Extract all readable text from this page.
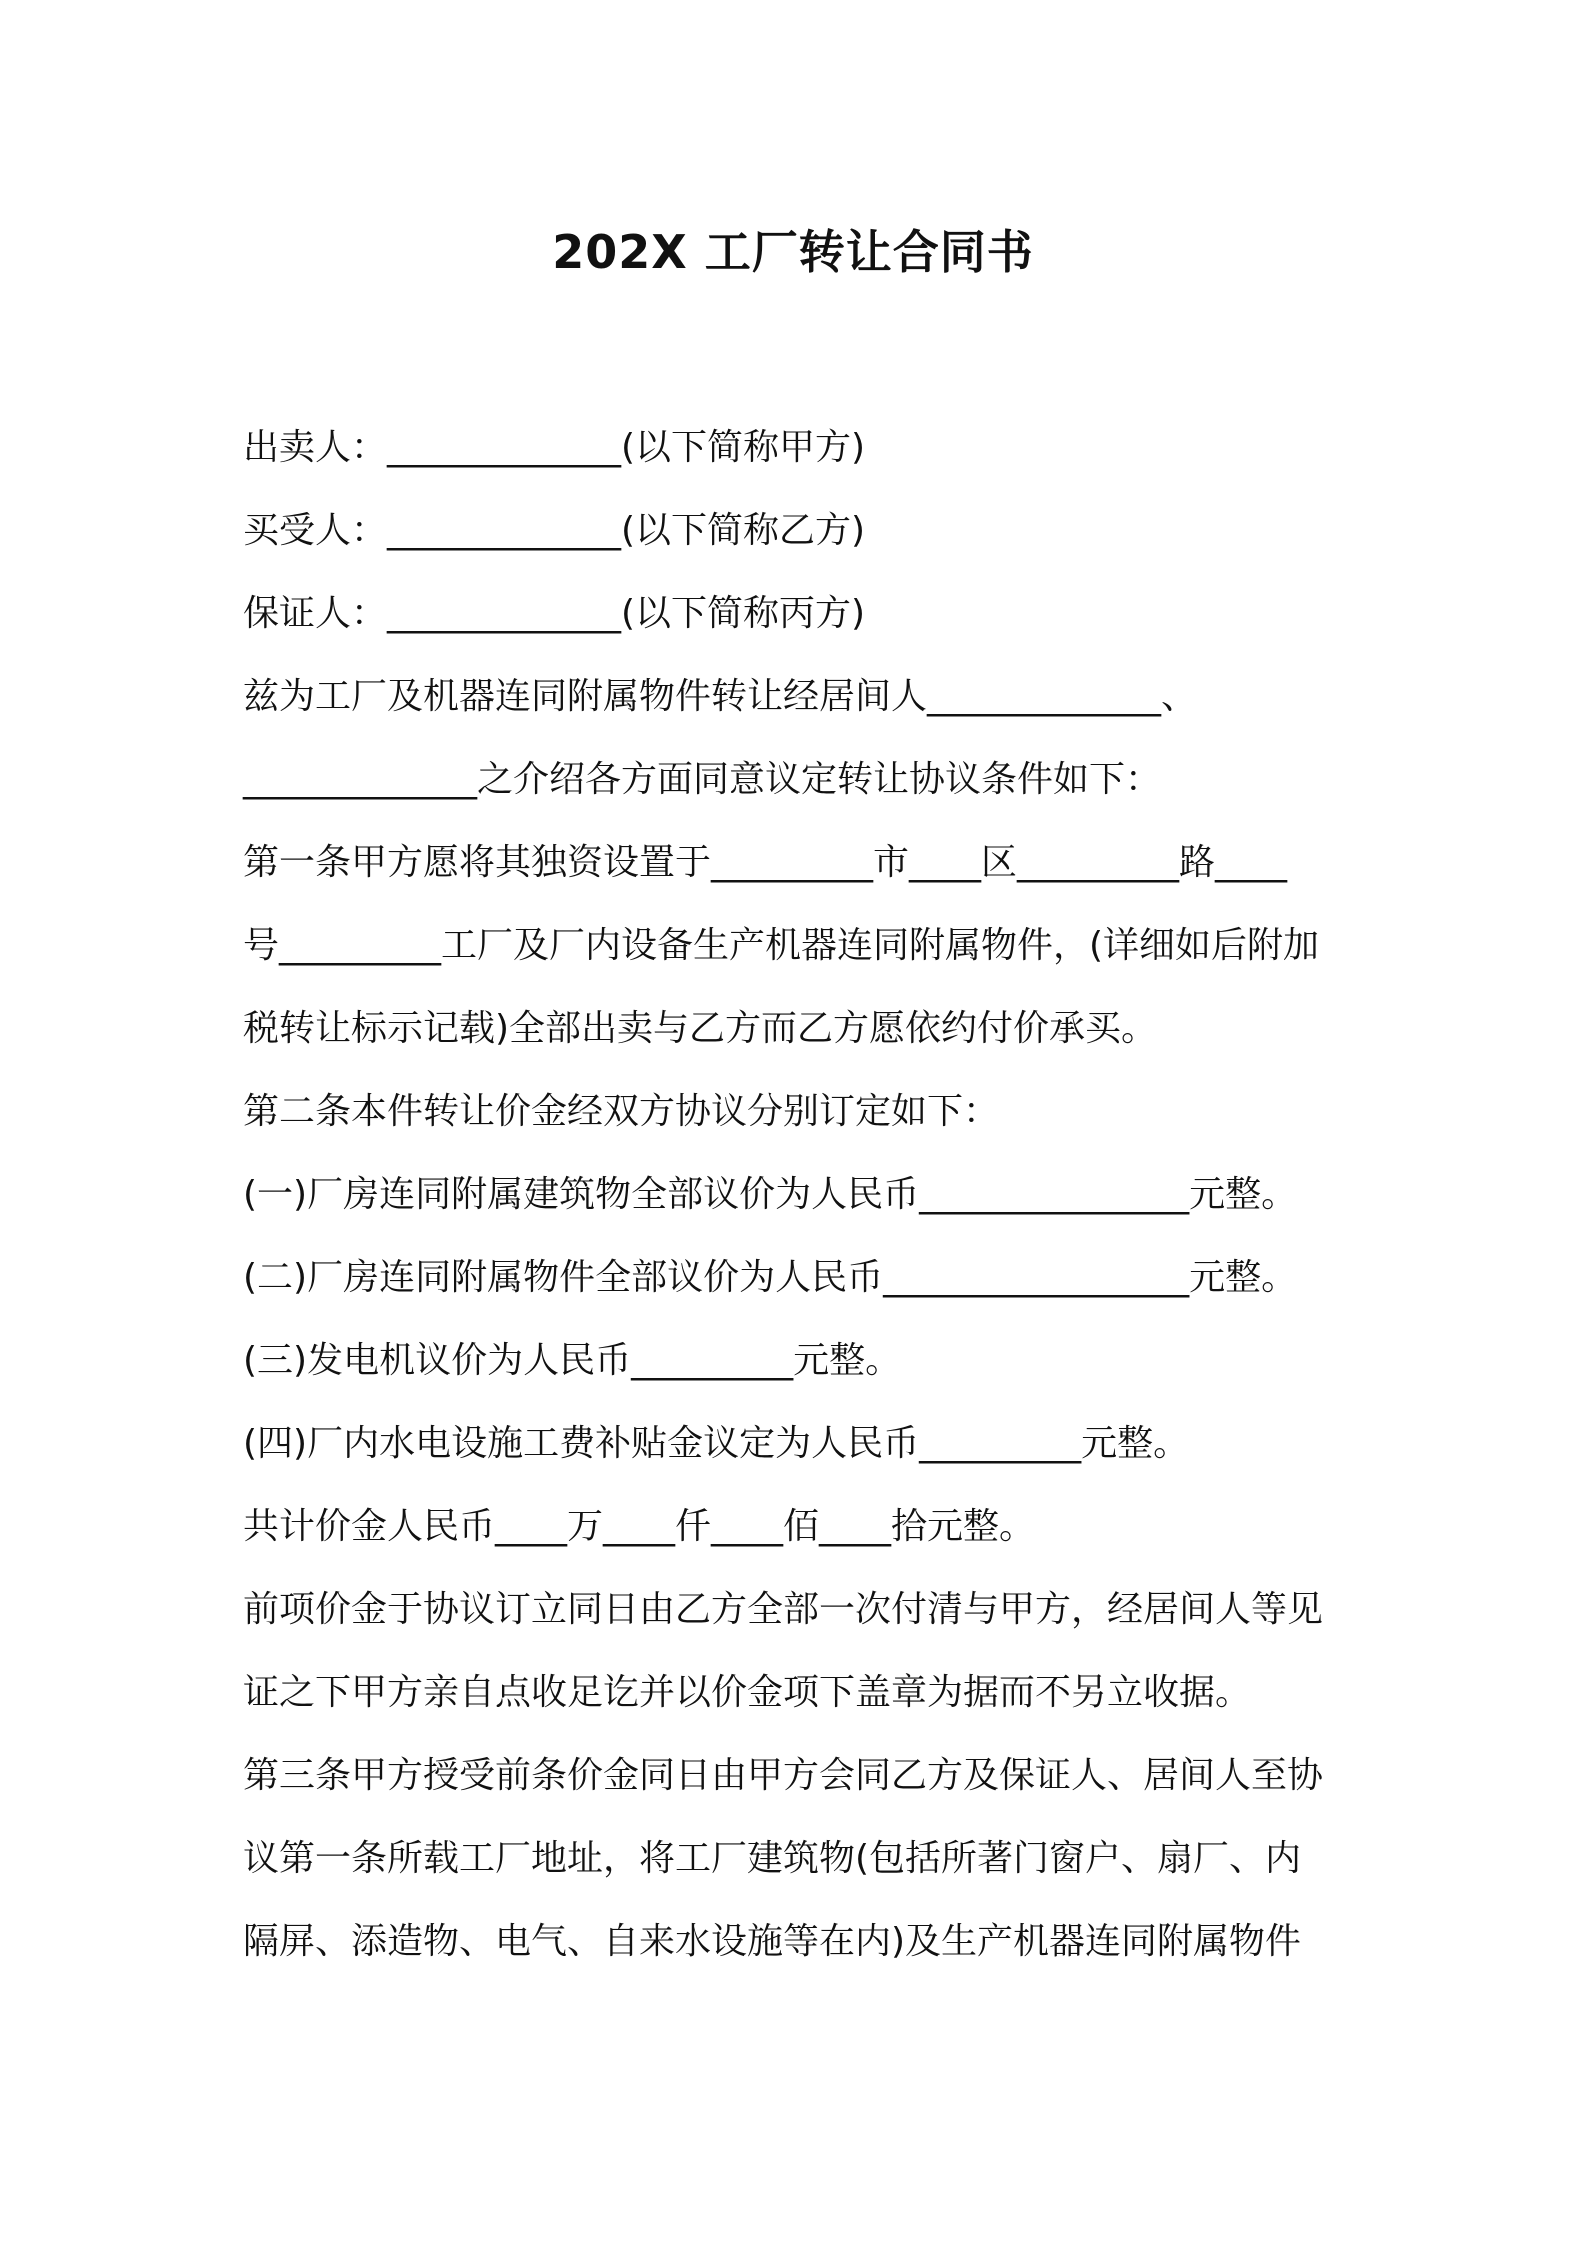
202X 工厂转让合同书
出卖人：_____________(以下简称甲方)
买受人：_____________(以下简称乙方)
保证人：_____________(以下简称丙方)
兹为工厂及机器连同附属物件转让经居间人_____________、
_____________之介绍各方面同意议定转让协议条件如下：
第一条甲方愿将其独资设置于_________市____区_________路____
号_________工厂及厂内设备生产机器连同附属物件，(详细如后附加
税转让标示记载)全部出卖与乙方而乙方愿依约付价承买。
第二条本件转让价金经双方协议分别订定如下：
(一)厂房连同附属建筑物全部议价为人民币_______________元整。
(二)厂房连同附属物件全部议价为人民币_________________元整。
(三)发电机议价为人民币_________元整。
(四)厂内水电设施工费补贴金议定为人民币_________元整。
共计价金人民币____万____仟____佰____拾元整。
前项价金于协议订立同日由乙方全部一次付清与甲方，经居间人等见
证之下甲方亲自点收足讫并以价金项下盖章为据而不另立收据。
第三条甲方授受前条价金同日由甲方会同乙方及保证人、居间人至协
议第一条所载工厂地址，将工厂建筑物(包括所著门窗户、扇厂、内
隔屏、添造物、电气、自来水设施等在内)及生产机器连同附属物件
